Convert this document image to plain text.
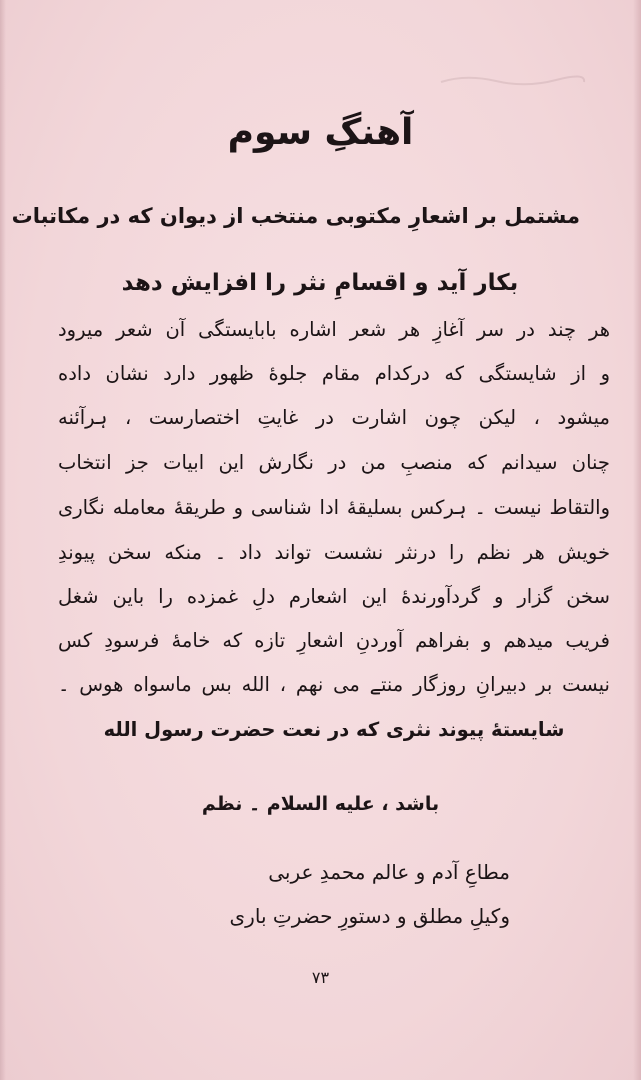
آهنگِ سوم
مشتمل بر اشعارِ مکتوبی منتخب از دیوان که در مکاتبات
بکار آید و اقسامِ نثر را افزایش دهد
هر چند در سر آغازِ هر شعر اشاره بابایستگی آن شعر میرود
و از شایستگی که درکدام مقام جلوهٔ ظهور دارد نشان داده
میشود ، لیکن چون اشارت در غایتِ اختصارست ، ہرآئنه
چنان سیدانم که منصبِ من در نگارش این ابیات جز انتخاب
والتقاط نیست ۔ ہرکس بسلیقهٔ ادا شناسی و طریقهٔ معامله نگاری
خویش هر نظم را درنثر نشست تواند داد ۔ منکه سخن پیوندِ
سخن گزار و گردآورندهٔ این اشعارم دلِ غمزده را باین شغل
فریب میدهم و بفراهم آوردنِ اشعارِ تازه که خامهٔ فرسودِ کس
نیست بر دبیرانِ روزگار منتے می نهم ، الله بس ماسواه هوس ۔
شایستهٔ پیوند نثری که در نعت حضرت رسول الله
باشد ، علیه السلام ۔ نظم
مطاعِ آدم و عالم محمدِ عربی
وکیلِ مطلق و دستورِ حضرتِ باری
۷۳
